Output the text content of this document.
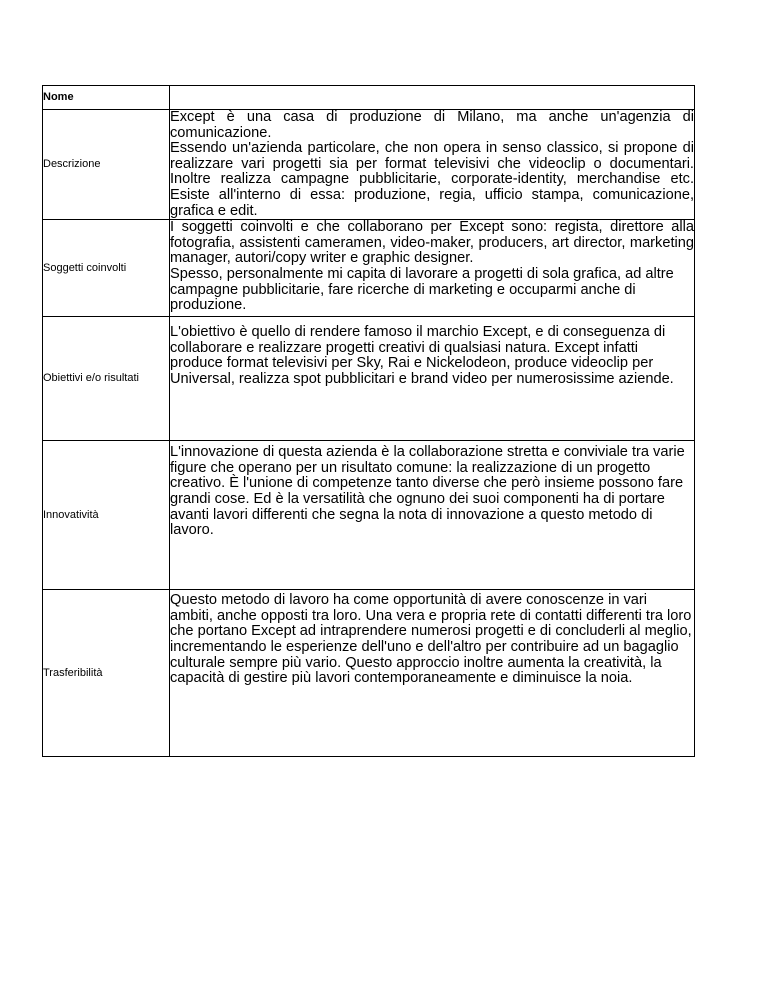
Nome	
Descrizione	Except è una casa di produzione di Milano, ma anche un'agenzia di comunicazione.
Essendo un'azienda particolare, che non opera in senso classico, si propone di realizzare vari progetti sia per format televisivi che videoclip o documentari. Inoltre realizza campagne pubblicitarie, corporate-identity, merchandise etc. Esiste all'interno di essa: produzione, regia, ufficio stampa, comunicazione, grafica e edit.

Soggetti coinvolti	I soggetti coinvolti e che collaborano per Except sono: regista, direttore alla fotografia, assistenti cameramen, video-maker, producers, art director, marketing manager, autori/copy writer e graphic designer.
Spesso, personalmente mi capita di lavorare a progetti di sola grafica, ad altre campagne pubblicitarie, fare ricerche di marketing e occuparmi anche di produzione.

Obiettivi e/o risultati	L'obiettivo è quello di rendere famoso il marchio Except, e di conseguenza di collaborare e realizzare progetti creativi di qualsiasi natura. Except infatti produce format televisivi per Sky, Rai e Nickelodeon, produce videoclip per Universal, realizza spot pubblicitari e brand video per numerosissime aziende.

Innovatività	L'innovazione di questa azienda è la collaborazione stretta e conviviale tra varie figure che operano per un risultato comune: la realizzazione di un progetto creativo. È l'unione di competenze tanto diverse che però insieme possono fare grandi cose. Ed è la versatilità che ognuno dei suoi componenti ha di portare avanti lavori differenti che segna la nota di innovazione a questo metodo di lavoro.

Trasferibilità	Questo metodo di lavoro ha come opportunità di avere conoscenze in vari ambiti, anche opposti tra loro. Una vera e propria rete di contatti differenti tra loro che portano Except ad intraprendere numerosi progetti e di concluderli al meglio, incrementando le esperienze dell'uno e dell'altro per contribuire ad un bagaglio culturale sempre più vario. Questo approccio inoltre aumenta la creatività, la capacità di gestire più lavori contemporaneamente e diminuisce la noia.
